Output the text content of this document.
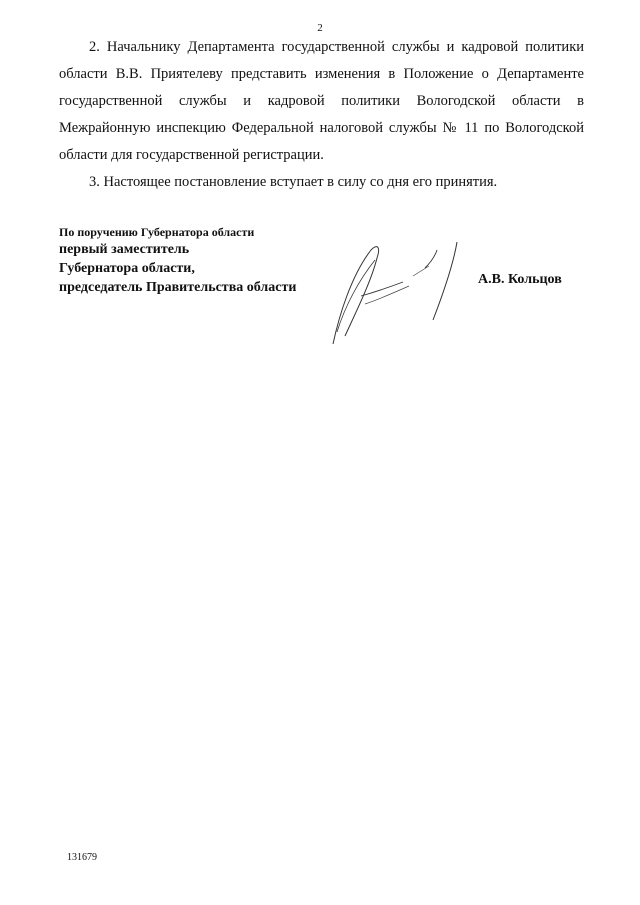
2

2. Начальнику Департамента государственной службы и кадровой политики области В.В. Приятелеву представить изменения в Положение о Департаменте государственной службы и кадровой политики Вологодской области в Межрайонную инспекцию Федеральной налоговой службы № 11 по Вологодской области для государственной регистрации.

3. Настоящее постановление вступает в силу со дня его принятия.

По поручению Губернатора области
первый заместитель
Губернатора области,
председатель Правительства области
А.В. Кольцов
131679
